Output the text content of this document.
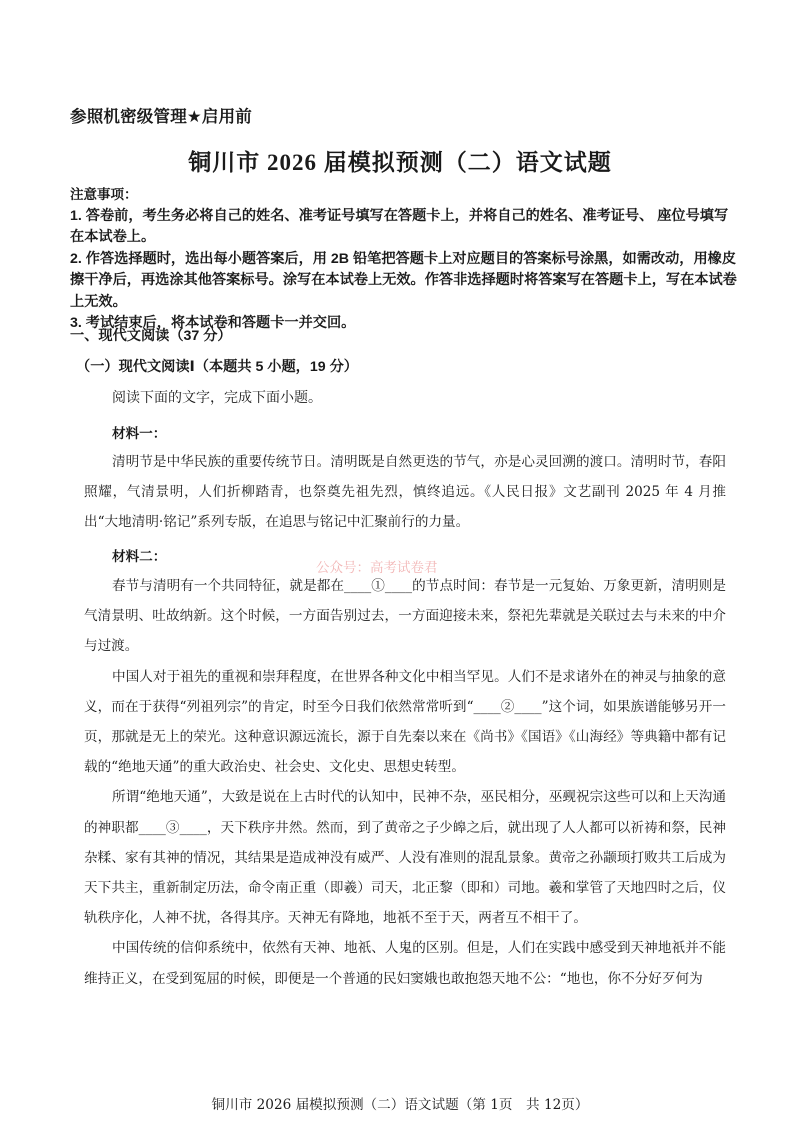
参照机密级管理★启用前
铜川市 2026 届模拟预测（二）语文试题

注意事项：

1. 答卷前，考生务必将自己的姓名、准考证号填写在答题卡上，并将自己的姓名、准考证号、 座位号填写在本试卷上。

2. 作答选择题时，选出每小题答案后，用 2B 铅笔把答题卡上对应题目的答案标号涂黑，如需改动，用橡皮擦干净后，再选涂其他答案标号。涂写在本试卷上无效。作答非选择题时将答案写在答题卡上，写在本试卷上无效。

3. 考试结束后，将本试卷和答题卡一并交回。

一、现代文阅读（37 分）
（一）现代文阅读Ⅰ（本题共 5 小题，19 分）
阅读下面的文字，完成下面小题。
材料一：

清明节是中华民族的重要传统节日。清明既是自然更迭的节气，亦是心灵回溯的渡口。清明时节，春阳照耀，气清景明，人们折柳踏青，也祭奠先祖先烈，慎终追远。《人民日报》文艺副刊 2025 年 4 月推出“大地清明·铭记”系列专版，在追思与铭记中汇聚前行的力量。

材料二：
公众号：高考试卷君

春节与清明有一个共同特征，就是都在____①____的节点时间：春节是一元复始、万象更新，清明则是气清景明、吐故纳新。这个时候，一方面告别过去，一方面迎接未来，祭祀先辈就是关联过去与未来的中介与过渡。

中国人对于祖先的重视和崇拜程度，在世界各种文化中相当罕见。人们不是求诸外在的神灵与抽象的意义，而在于获得“列祖列宗”的肯定，时至今日我们依然常常听到“____②____”这个词，如果族谱能够另开一页，那就是无上的荣光。这种意识源远流长，源于自先秦以来在《尚书》《国语》《山海经》等典籍中都有记载的“绝地天通”的重大政治史、社会史、文化史、思想史转型。

所谓“绝地天通”，大致是说在上古时代的认知中，民神不杂，巫民相分，巫觋祝宗这些可以和上天沟通的神职都____③____，天下秩序井然。然而，到了黄帝之子少皞之后，就出现了人人都可以祈祷和祭，民神杂糅、家有其神的情况，其结果是造成神没有威严、人没有准则的混乱景象。黄帝之孙颛顼打败共工后成为天下共主，重新制定历法，命令南正重（即羲）司天，北正黎（即和）司地。羲和掌管了天地四时之后，仪轨秩序化，人神不扰，各得其序。天神无有降地，地祇不至于天，两者互不相干了。

中国传统的信仰系统中，依然有天神、地祇、人鬼的区别。但是，人们在实践中感受到天神地祇并不能维持正义，在受到冤屈的时候，即便是一个普通的民妇窦娥也敢抱怨天地不公：“地也，你不分好歹何为

铜川市 2026 届模拟预测（二）语文试题（第 1页　共 12页）
